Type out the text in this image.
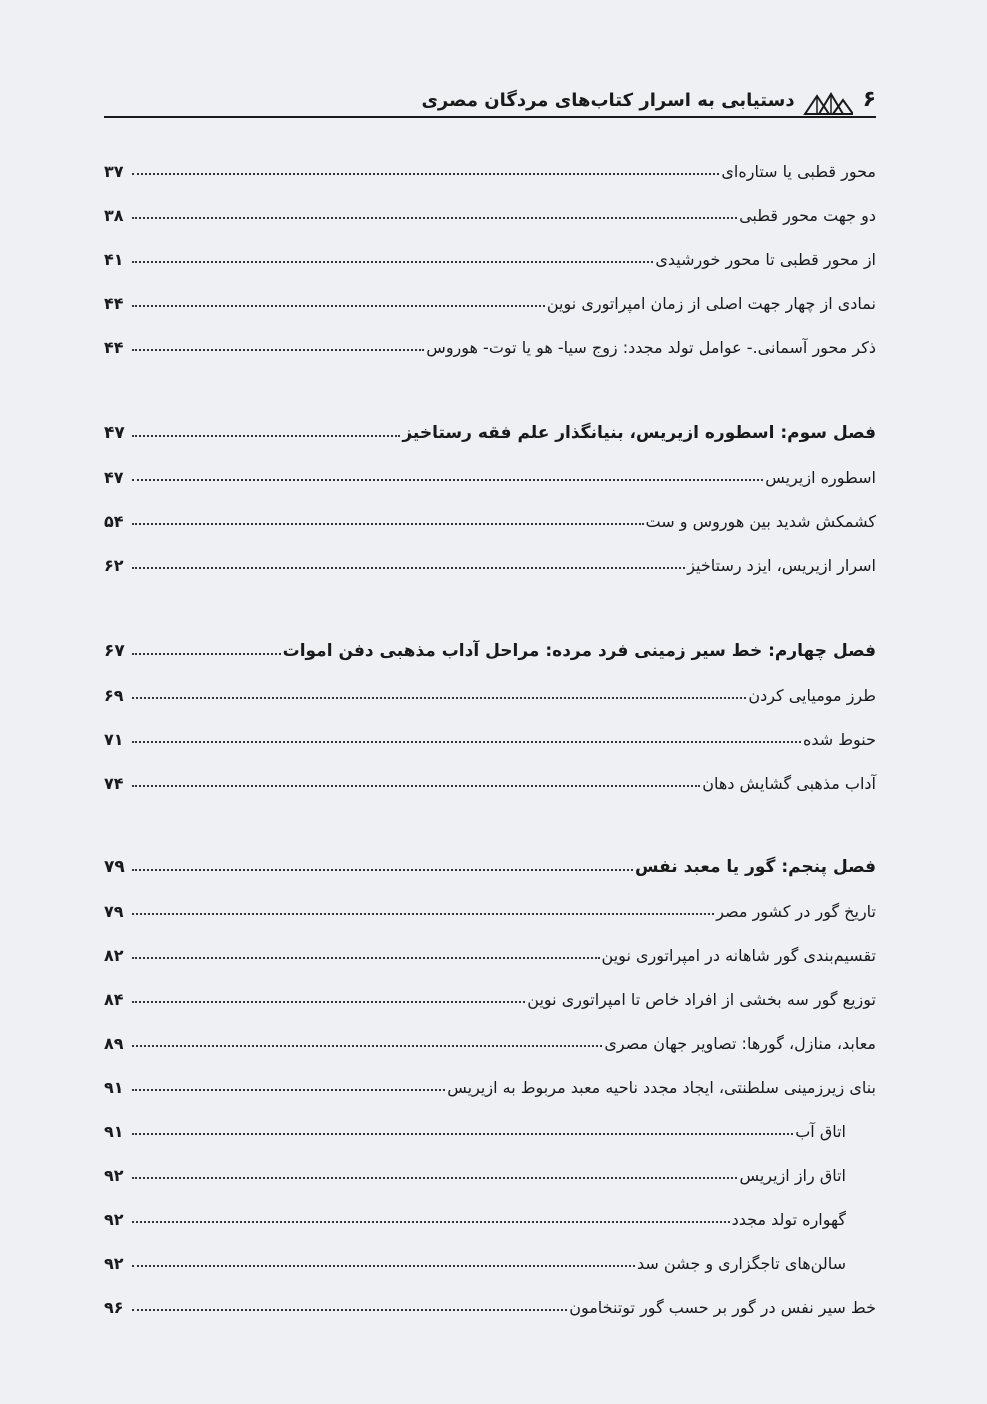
۶
دستیابی به اسرار کتاب‌های مردگان مصری
محور قطبی یا ستاره‌ای
۳۷
دو جهت محور قطبی
۳۸
از محور قطبی تا محور خورشیدی
۴۱
نمادی از چهار جهت اصلی از زمان امپراتوری نوین
۴۴
ذکر محور آسمانی.- عوامل تولد مجدد: زوج سیا- هو یا توت- هوروس
۴۴
فصل سوم: اسطوره ازیریس، بنیانگذار علم فقه رستاخیز
۴۷
اسطوره ازیریس
۴۷
کشمکش شدید بین هوروس و ست
۵۴
اسرار ازیریس، ایزد رستاخیز
۶۲
فصل چهارم: خط سیر زمینی فرد مرده: مراحل آداب مذهبی دفن اموات
۶۷
طرز مومیایی کردن
۶۹
حنوط شده
۷۱
آداب مذهبی گشایش دهان
۷۴
فصل پنجم: گور یا معبد نفس
۷۹
تاریخ گور در کشور مصر
۷۹
تقسیم‌بندی گور شاهانه در امپراتوری نوین
۸۲
توزیع گور سه بخشی از افراد خاص تا امپراتوری نوین
۸۴
معابد، منازل، گورها: تصاویر جهان مصری
۸۹
بنای زیرزمینی سلطنتی، ایجاد مجدد ناحیه معبد مربوط به ازیریس
۹۱
اتاق آب
۹۱
اتاق راز ازیریس
۹۲
گهواره تولد مجدد
۹۲
سالن‌های تاجگزاری و جشن سد
۹۲
خط سیر نفس در گور بر حسب گور توتنخامون
۹۶
